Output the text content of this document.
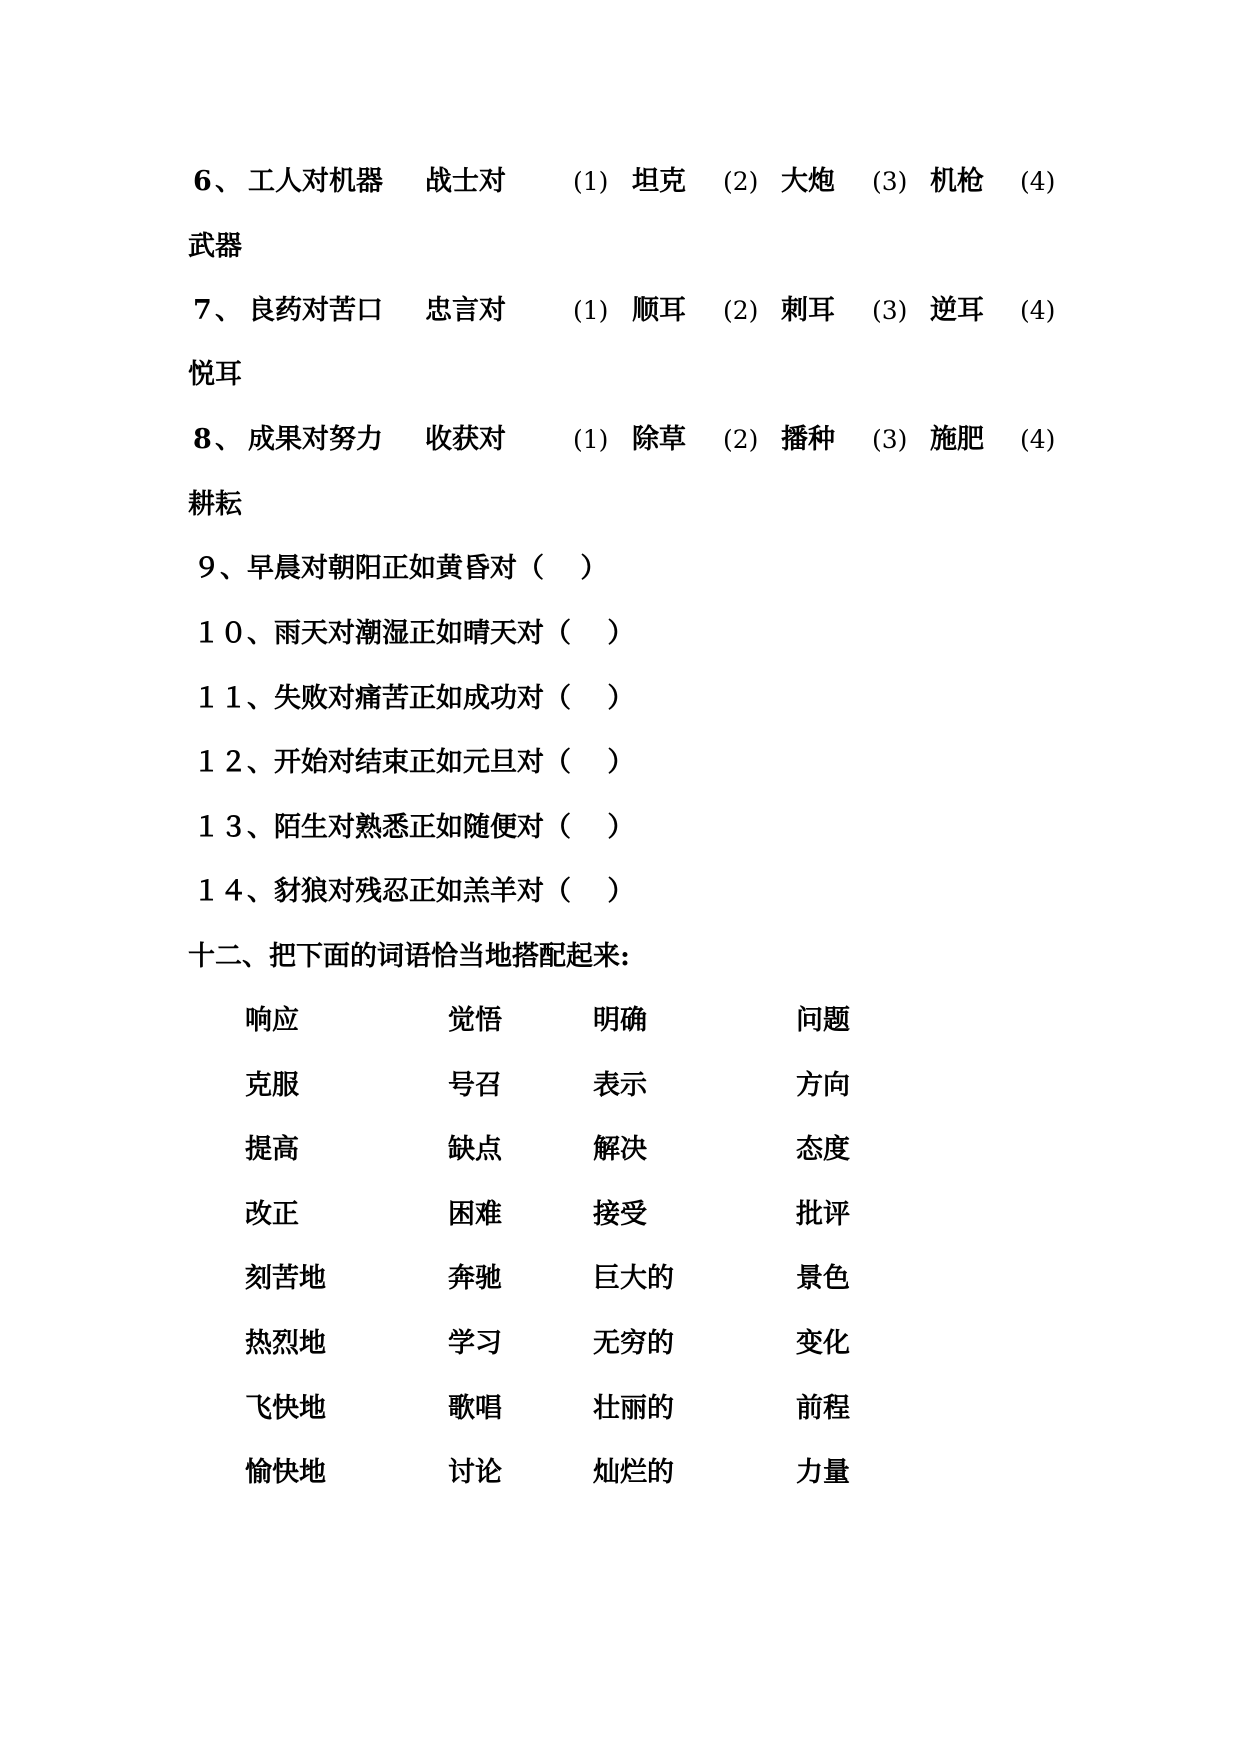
6 、 工人对机器 战士对	(1) 坦克 (2) 大炮 (3) 机枪 (4)
武器
7 、 良药对苦口 忠言对	(1) 顺耳 (2) 刺耳 (3) 逆耳 (4)
悦耳
8 、 成果对努力 收获对	(1) 除草 (2) 播种 (3) 施肥 (4)
耕耘
９、早晨对朝阳正如黄昏对（　 ）
１０、雨天对潮湿正如晴天对（　 ）
１１、失败对痛苦正如成功对（　 ）
１２、开始对结束正如元旦对（　 ）
１３、陌生对熟悉正如随便对（　 ）
１４、豺狼对残忍正如羔羊对（　 ）
十二、把下面的词语恰当地搭配起来:
响应	觉悟	明确	问题
克服	号召	表示	方向
提高	缺点	解决	态度
改正	困难	接受	批评
刻苦地	奔驰	巨大的	景色
热烈地	学习	无穷的	变化
飞快地	歌唱	壮丽的	前程
愉快地	讨论	灿烂的	力量
